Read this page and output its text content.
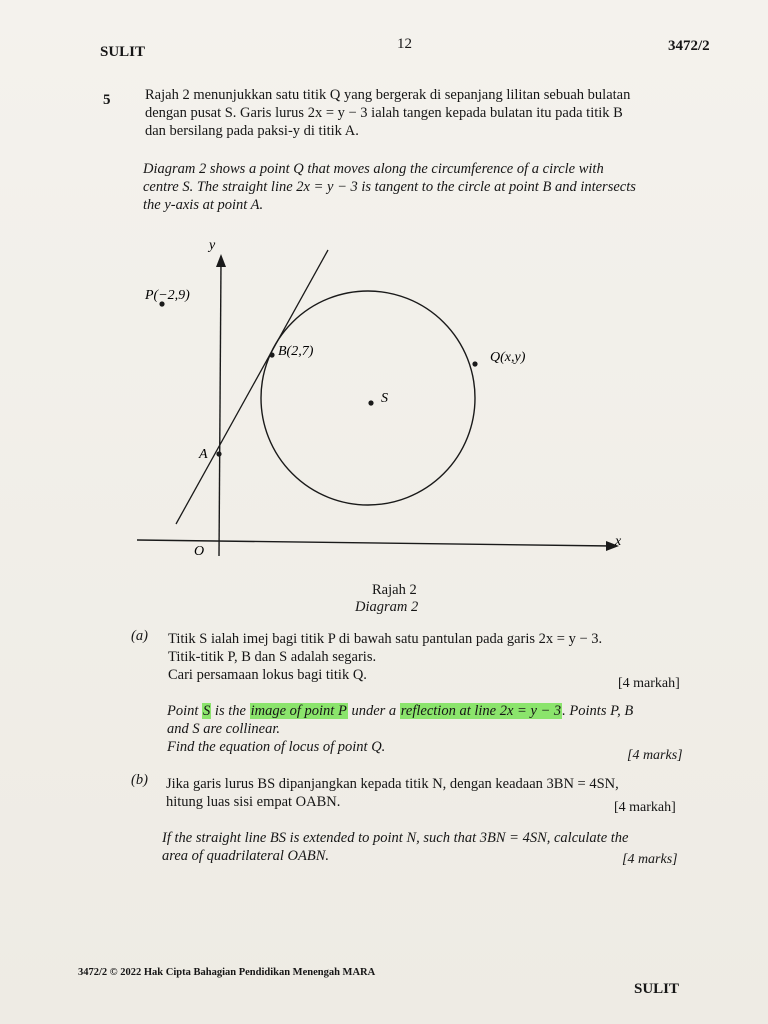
SULIT	12	3472/2
5 Rajah 2 menunjukkan satu titik Q yang bergerak di sepanjang lilitan sebuah bulatan
dengan pusat S. Garis lurus 2x = y − 3 ialah tangen kepada bulatan itu pada titik B
dan bersilang pada paksi-y di titik A.
Diagram 2 shows a point Q that moves along the circumference of a circle with
centre S. The straight line 2x = y − 3 is tangent to the circle at point B and intersects
the y-axis at point A.
y
x
O
P(−2,9)
B(2,7)	Q(x,y)
S
A
Rajah 2
Diagram 2
(a) Titik S ialah imej bagi titik P di bawah satu pantulan pada garis 2x = y − 3.
Titik-titik P, B dan S adalah segaris.
Cari persamaan lokus bagi titik Q.
[4 markah]
Point S is the image of point P under a reflection at line 2x = y − 3. Points P, B
and S are collinear.
Find the equation of locus of point Q.
[4 marks]
(b) Jika garis lurus BS dipanjangkan kepada titik N, dengan keadaan 3BN = 4SN,
hitung luas sisi empat OABN.	[4 markah]
If the straight line BS is extended to point N, such that 3BN = 4SN, calculate the
area of quadrilateral OABN.	[4 marks]
3472/2 © 2022 Hak Cipta Bahagian Pendidikan Menengah MARA
SULIT
